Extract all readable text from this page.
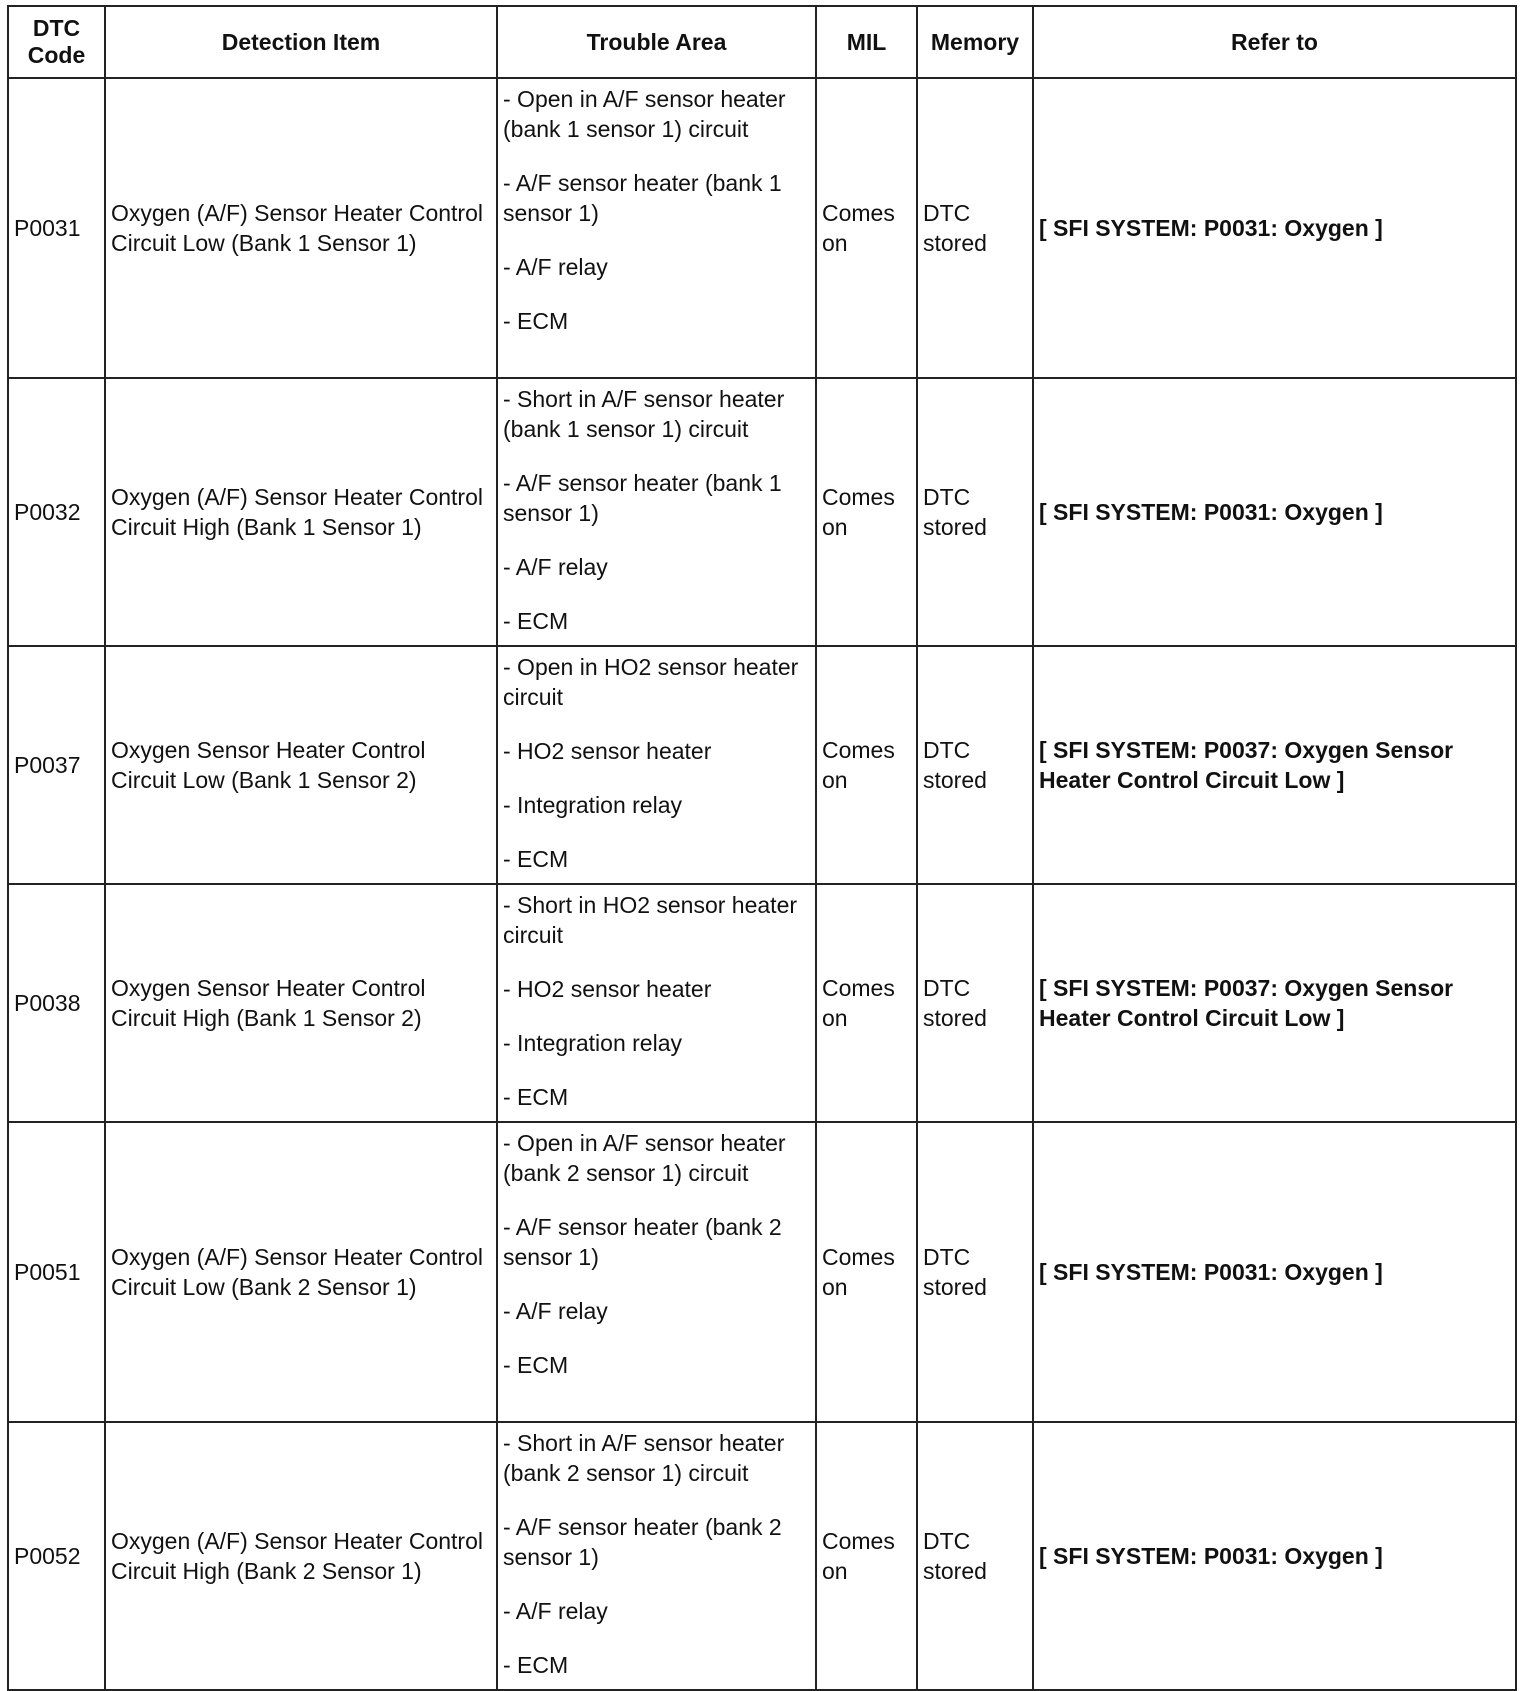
DTC
Code	Detection Item	Trouble Area	MIL	Memory	Refer to
P0031	Oxygen (A/F) Sensor Heater Control Circuit Low (Bank 1 Sensor 1)	- Open in A/F sensor heater (bank 1 sensor 1) circuit
- A/F sensor heater (bank 1 sensor 1)
- A/F relay
- ECM	Comes on	DTC stored	[ SFI SYSTEM: P0031: Oxygen ]
P0032	Oxygen (A/F) Sensor Heater Control Circuit High (Bank 1 Sensor 1)	- Short in A/F sensor heater (bank 1 sensor 1) circuit
- A/F sensor heater (bank 1 sensor 1)
- A/F relay
- ECM	Comes on	DTC stored	[ SFI SYSTEM: P0031: Oxygen ]
P0037	Oxygen Sensor Heater Control Circuit Low (Bank 1 Sensor 2)	- Open in HO2 sensor heater circuit
- HO2 sensor heater
- Integration relay
- ECM	Comes on	DTC stored	[ SFI SYSTEM: P0037: Oxygen Sensor Heater Control Circuit Low ]
P0038	Oxygen Sensor Heater Control Circuit High (Bank 1 Sensor 2)	- Short in HO2 sensor heater circuit
- HO2 sensor heater
- Integration relay
- ECM	Comes on	DTC stored	[ SFI SYSTEM: P0037: Oxygen Sensor Heater Control Circuit Low ]
P0051	Oxygen (A/F) Sensor Heater Control Circuit Low (Bank 2 Sensor 1)	- Open in A/F sensor heater (bank 2 sensor 1) circuit
- A/F sensor heater (bank 2 sensor 1)
- A/F relay
- ECM	Comes on	DTC stored	[ SFI SYSTEM: P0031: Oxygen ]
P0052	Oxygen (A/F) Sensor Heater Control Circuit High (Bank 2 Sensor 1)	- Short in A/F sensor heater (bank 2 sensor 1) circuit
- A/F sensor heater (bank 2 sensor 1)
- A/F relay
- ECM	Comes on	DTC stored	[ SFI SYSTEM: P0031: Oxygen ]
